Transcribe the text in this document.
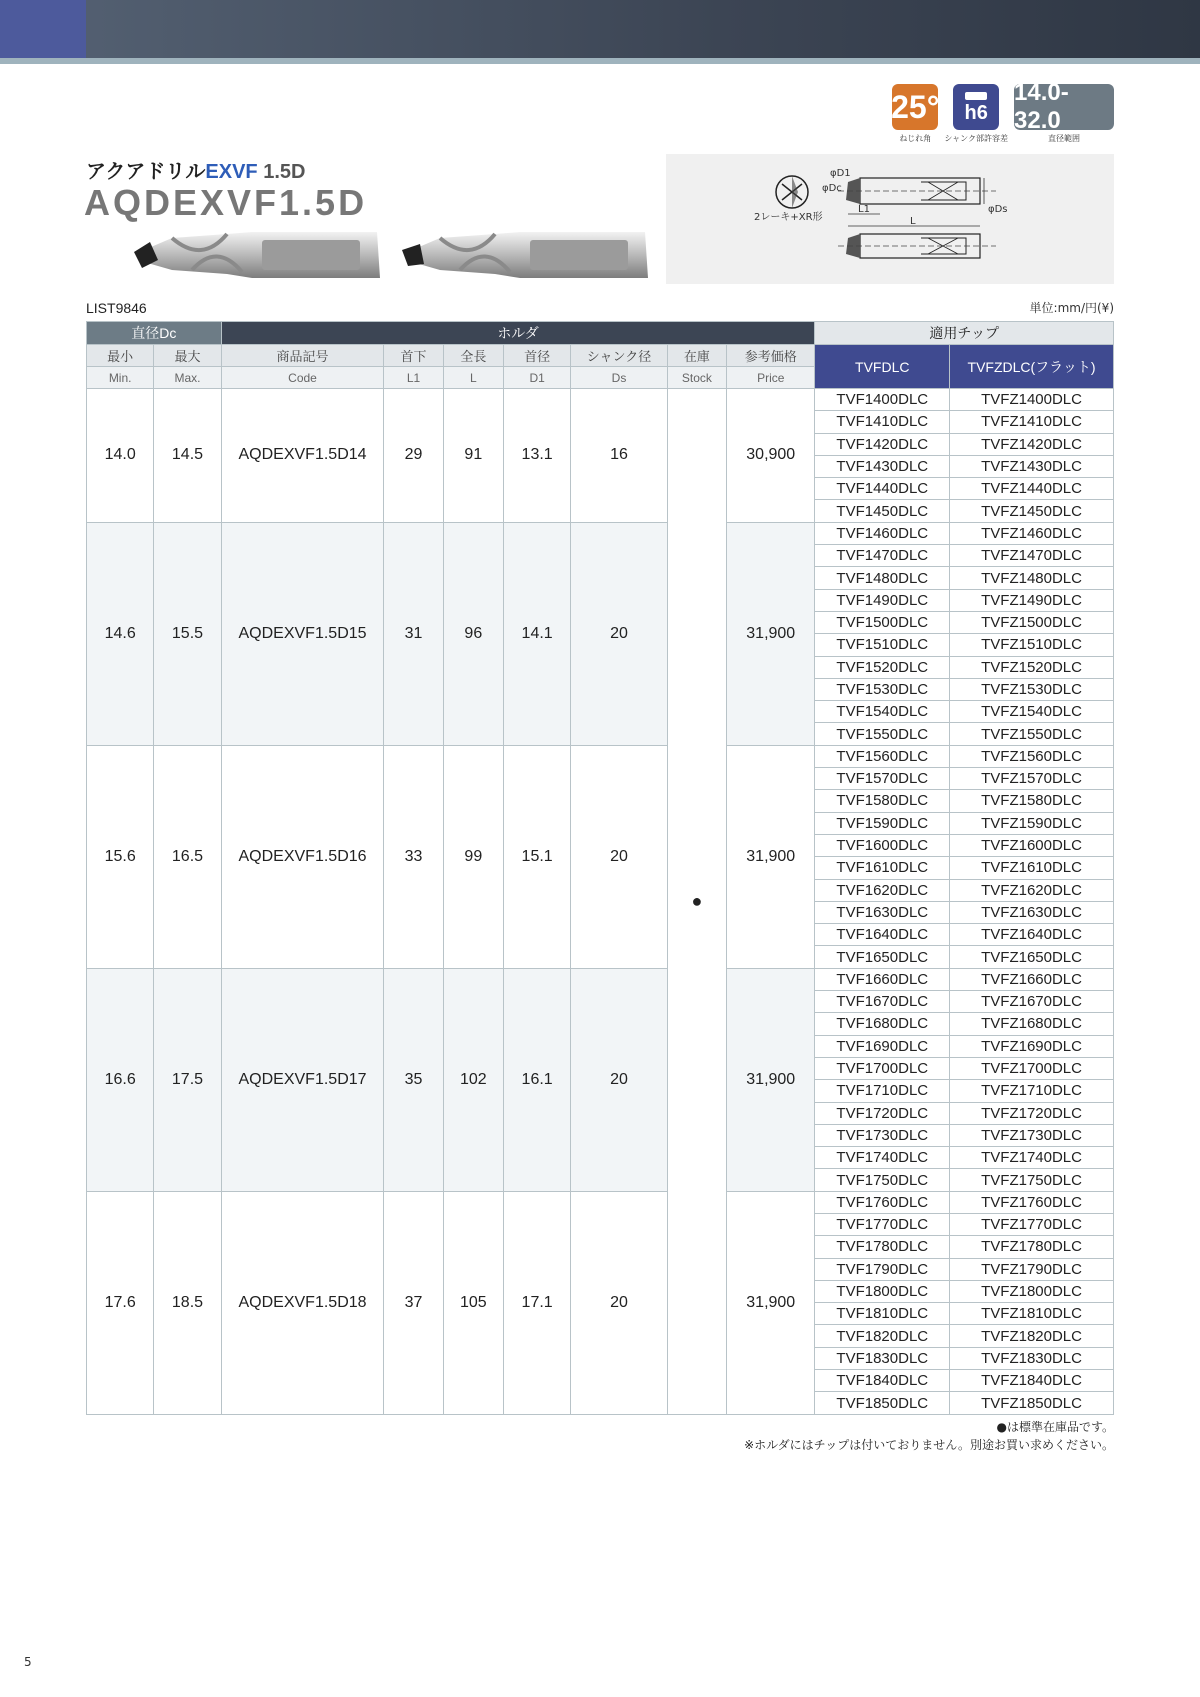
25°
ねじれ角
h6
シャンク部許容差
14.0-32.0
直径範囲
アクアドリルEXVF 1.5D
AQDEXVF1.5D	2レーキ+XR形
φD1
φDc
φDs
L1
L
LIST9846	単位:mm/円(¥)
直径Dc		ホルダ							適用チップ	
最小	最大	商品記号	首下	全長	首径	シャンク径	在庫	参考価格	TVFDLC	TVFZDLC(フラット)
Min.	Max.	Code	L1	L	D1	Ds	Stock	Price		
14.0	14.5	AQDEXVF1.5D14	29	91	13.1	16	●	30,900	TVF1400DLC	TVFZ1400DLC
									TVF1410DLC	TVFZ1410DLC
									TVF1420DLC	TVFZ1420DLC
									TVF1430DLC	TVFZ1430DLC
									TVF1440DLC	TVFZ1440DLC
									TVF1450DLC	TVFZ1450DLC
14.6	15.5	AQDEXVF1.5D15	31	96	14.1	20		31,900	TVF1460DLC	TVFZ1460DLC
									TVF1470DLC	TVFZ1470DLC
									TVF1480DLC	TVFZ1480DLC
									TVF1490DLC	TVFZ1490DLC
									TVF1500DLC	TVFZ1500DLC
									TVF1510DLC	TVFZ1510DLC
									TVF1520DLC	TVFZ1520DLC
									TVF1530DLC	TVFZ1530DLC
									TVF1540DLC	TVFZ1540DLC
									TVF1550DLC	TVFZ1550DLC
15.6	16.5	AQDEXVF1.5D16	33	99	15.1	20		31,900	TVF1560DLC	TVFZ1560DLC
									TVF1570DLC	TVFZ1570DLC
									TVF1580DLC	TVFZ1580DLC
									TVF1590DLC	TVFZ1590DLC
									TVF1600DLC	TVFZ1600DLC
									TVF1610DLC	TVFZ1610DLC
									TVF1620DLC	TVFZ1620DLC
									TVF1630DLC	TVFZ1630DLC
									TVF1640DLC	TVFZ1640DLC
									TVF1650DLC	TVFZ1650DLC
16.6	17.5	AQDEXVF1.5D17	35	102	16.1	20		31,900	TVF1660DLC	TVFZ1660DLC
									TVF1670DLC	TVFZ1670DLC
									TVF1680DLC	TVFZ1680DLC
									TVF1690DLC	TVFZ1690DLC
									TVF1700DLC	TVFZ1700DLC
									TVF1710DLC	TVFZ1710DLC
									TVF1720DLC	TVFZ1720DLC
									TVF1730DLC	TVFZ1730DLC
									TVF1740DLC	TVFZ1740DLC
									TVF1750DLC	TVFZ1750DLC
17.6	18.5	AQDEXVF1.5D18	37	105	17.1	20		31,900	TVF1760DLC	TVFZ1760DLC
									TVF1770DLC	TVFZ1770DLC
									TVF1780DLC	TVFZ1780DLC
									TVF1790DLC	TVFZ1790DLC
									TVF1800DLC	TVFZ1800DLC
									TVF1810DLC	TVFZ1810DLC
									TVF1820DLC	TVFZ1820DLC
									TVF1830DLC	TVFZ1830DLC
									TVF1840DLC	TVFZ1840DLC
									TVF1850DLC	TVFZ1850DLC
●は標準在庫品です。
※ホルダにはチップは付いておりません。別途お買い求めください。
5
